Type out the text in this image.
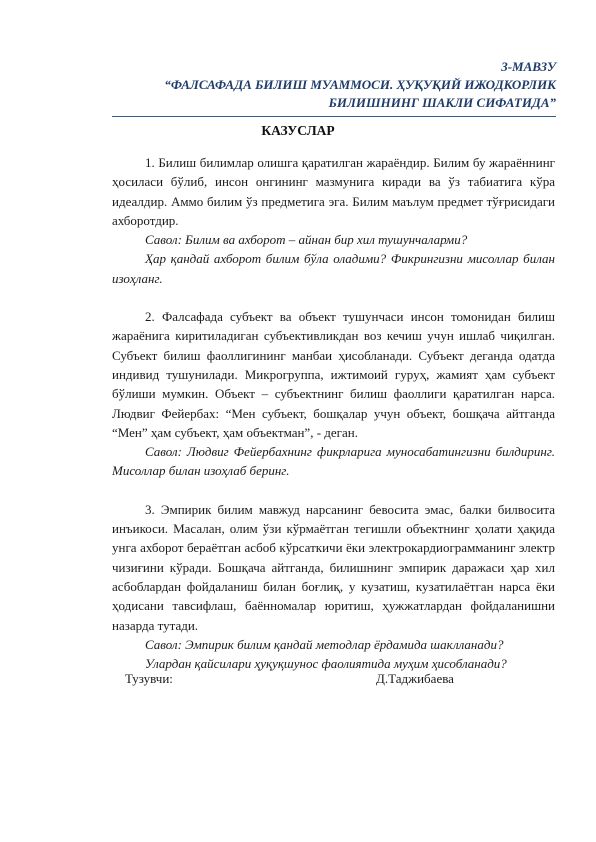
3-МАВЗУ
“ФАЛСАФАДА БИЛИШ МУАММОСИ. ҲУҚУҚИЙ ИЖОДКОРЛИК
БИЛИШНИНГ ШАКЛИ СИФАТИДА”
КАЗУСЛАР

1. Билиш билимлар олишга қаратилган жараёндир. Билим бу жараённинг ҳосиласи бўлиб, инсон онгининг мазмунига киради ва ўз табиатига кўра идеалдир. Аммо билим ўз предметига эга. Билим маълум предмет тўғрисидаги ахборотдир.

Савол: Билим ва ахборот – айнан бир хил тушунчаларми?

Ҳар қандай ахборот билим бўла оладими? Фикрингизни мисоллар билан изоҳланг.

2. Фалсафада субъект ва объект тушунчаси инсон томонидан билиш жараёнига киритиладиган субъективликдан воз кечиш учун ишлаб чиқилган. Субъект билиш фаоллигининг манбаи ҳисобланади. Субъект деганда одатда индивид тушунилади. Микрогруппа, ижтимоий гуруҳ, жамият ҳам субъект бўлиши мумкин. Объект – субъектнинг билиш фаоллиги қаратилган нарса. Людвиг Фейербах: “Мен субъект, бошқалар учун объект, бошқача айтганда “Мен” ҳам субъект, ҳам объектман”, - деган.

Савол: Людвиг Фейербахнинг фикрларига муносабатингизни билдиринг. Мисоллар билан изоҳлаб беринг.

3. Эмпирик билим мавжуд нарсанинг бевосита эмас, балки билвосита инъикоси. Масалан, олим ўзи кўрмаётган тегишли объектнинг ҳолати ҳақида унга ахборот бераётган асбоб кўрсаткичи ёки электрокардиограмманинг электр чизиғини кўради. Бошқача айтганда, билишнинг эмпирик даражаси ҳар хил асбоблардан фойдаланиш билан боғлиқ, у кузатиш, кузатилаётган нарса ёки ҳодисани тавсифлаш, баённомалар юритиш, ҳужжатлардан фойдаланишни назарда тутади.

Савол: Эмпирик билим қандай методлар ёрдамида шаклланади?

Улардан қайсилари ҳуқуқшунос фаолиятида муҳим ҳисобланади?

Тузувчи:	Д.Таджибаева
